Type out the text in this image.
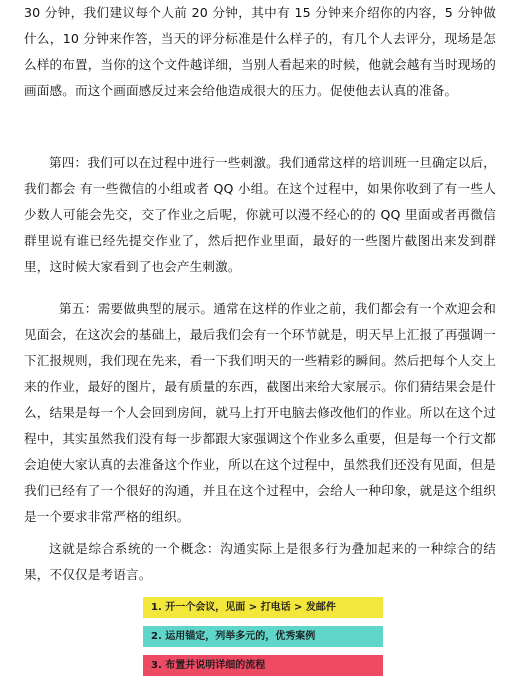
30 分钟，我们建议每个人前 20 分钟，其中有 15 分钟来介绍你的内容，5 分钟做什么，10 分钟来作答，当天的评分标准是什么样子的，有几个人去评分，现场是怎么样的布置，当你的这个文件越详细，当别人看起来的时候，他就会越有当时现场的画面感。而这个画面感反过来会给他造成很大的压力。促使他去认真的准备。

第四：我们可以在过程中进行一些刺激。我们通常这样的培训班一旦确定以后，我们都会 有一些微信的小组或者 QQ 小组。在这个过程中，如果你收到了有一些人少数人可能会先交，交了作业之后呢，你就可以漫不经心的的 QQ 里面或者再微信群里说有谁已经先提交作业了，然后把作业里面，最好的一些图片截图出来发到群里，这时候大家看到了也会产生刺激。

第五：需要做典型的展示。通常在这样的作业之前，我们都会有一个欢迎会和见面会，在这次会的基础上，最后我们会有一个环节就是，明天早上汇报了再强调一下汇报规则，我们现在先来，看一下我们明天的一些精彩的瞬间。然后把每个人交上来的作业，最好的图片，最有质量的东西，截图出来给大家展示。你们猜结果会是什么，结果是每一个人会回到房间，就马上打开电脑去修改他们的作业。所以在这个过程中，其实虽然我们没有每一步都跟大家强调这个作业多么重要，但是每一个行文都会迫使大家认真的去准备这个作业，所以在这个过程中，虽然我们还没有见面，但是我们已经有了一个很好的沟通，并且在这个过程中，会给人一种印象，就是这个组织是一个要求非常严格的组织。

这就是综合系统的一个概念：沟通实际上是很多行为叠加起来的一种综合的结果，不仅仅是考语言。

1. 开一个会议，见面 > 打电话 > 发邮件
2. 运用锚定，列举多元的，优秀案例
3. 布置并说明详细的流程
